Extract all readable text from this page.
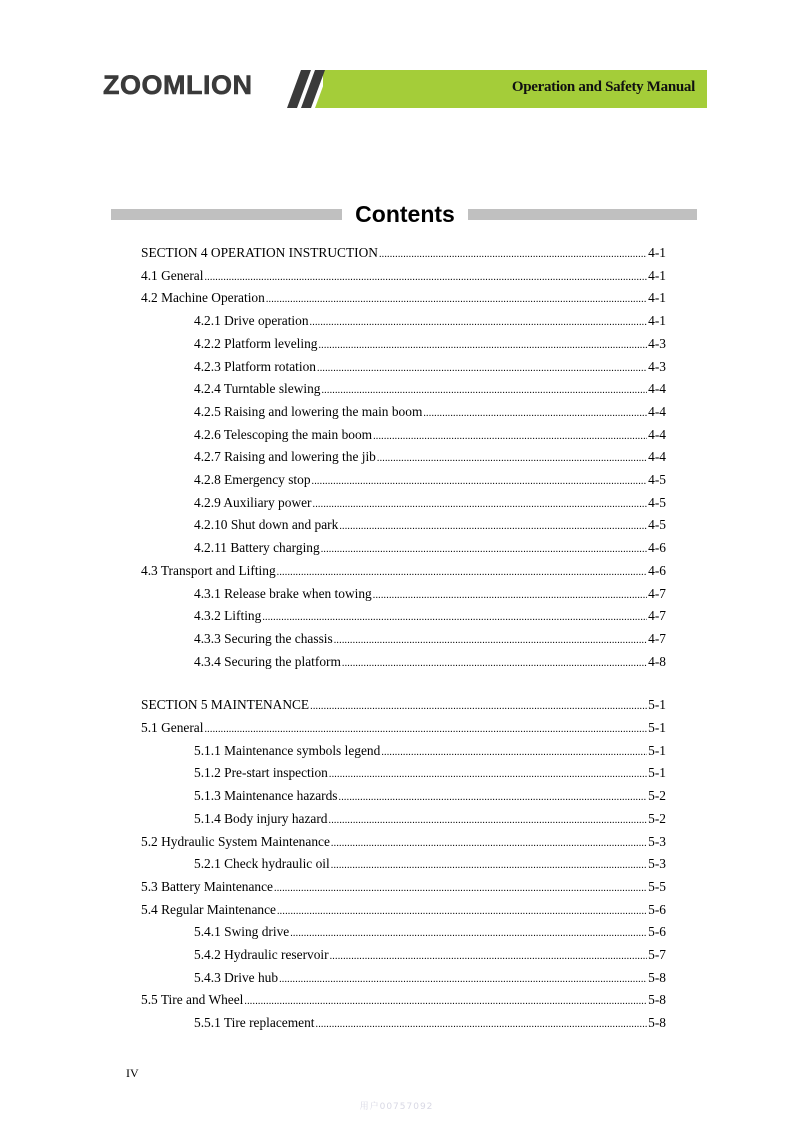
ZOOMLION	Operation and Safety Manual
Contents
SECTION 4 OPERATION INSTRUCTION .....	4-1
4.1 General .....	4-1
4.2 Machine Operation .....	4-1
4.2.1 Drive operation .....	4-1
4.2.2 Platform leveling .....	4-3
4.2.3 Platform rotation .....	4-3
4.2.4 Turntable slewing .....	4-4
4.2.5 Raising and lowering the main boom .....	4-4
4.2.6 Telescoping the main boom .....	4-4
4.2.7 Raising and lowering the jib .....	4-4
4.2.8 Emergency stop .....	4-5
4.2.9 Auxiliary power .....	4-5
4.2.10 Shut down and park .....	4-5
4.2.11 Battery charging .....	4-6
4.3 Transport and Lifting .....	4-6
4.3.1 Release brake when towing .....	4-7
4.3.2 Lifting .....	4-7
4.3.3 Securing the chassis .....	4-7
4.3.4 Securing the platform .....	4-8
SECTION 5 MAINTENANCE .....	5-1
5.1 General .....	5-1
5.1.1 Maintenance symbols legend .....	5-1
5.1.2 Pre-start inspection .....	5-1
5.1.3 Maintenance hazards .....	5-2
5.1.4 Body injury hazard .....	5-2
5.2 Hydraulic System Maintenance .....	5-3
5.2.1 Check hydraulic oil .....	5-3
5.3 Battery Maintenance .....	5-5
5.4 Regular Maintenance .....	5-6
5.4.1 Swing drive .....	5-6
5.4.2 Hydraulic reservoir .....	5-7
5.4.3 Drive hub .....	5-8
5.5 Tire and Wheel .....	5-8
5.5.1 Tire replacement .....	5-8
IV
用户00757092
